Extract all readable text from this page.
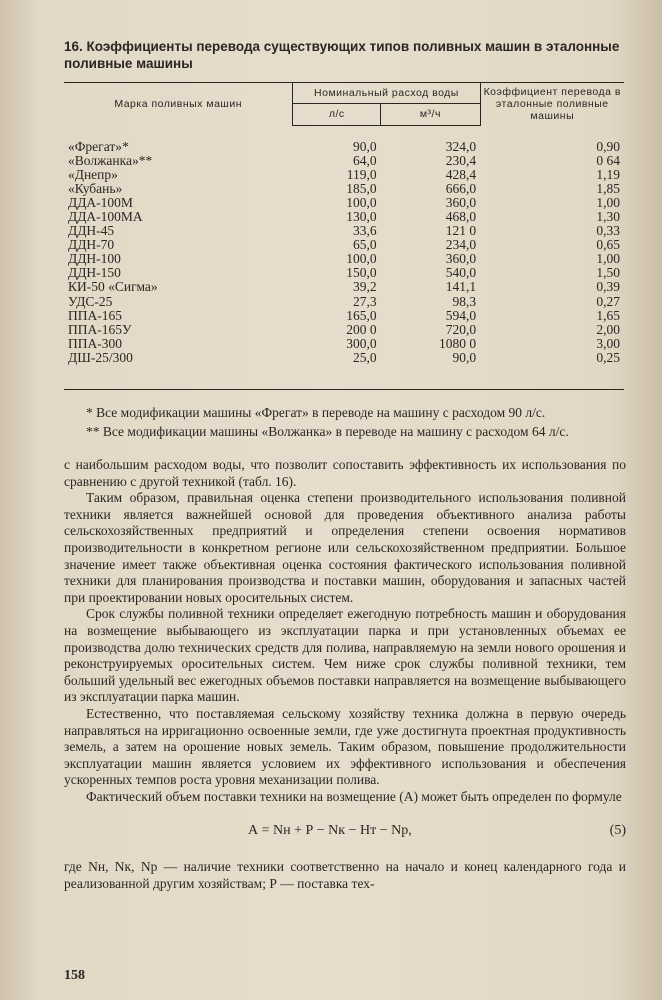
16. Коэффициенты перевода существующих типов поливных машин в эталонные поливные машины
Марка поливных машин	Номинальный расход воды		Коэффициент перевода в эталонные поливные машины
	л/с	м³/ч	

«Фрегат»*	90,0	324,0	0,90
«Волжанка»**	64,0	230,4	0 64
«Днепр»	119,0	428,4	1,19
«Кубань»	185,0	666,0	1,85
ДДА-100М	100,0	360,0	1,00
ДДА-100МА	130,0	468,0	1,30
ДДН-45	33,6	121 0	0,33
ДДН-70	65,0	234,0	0,65
ДДН-100	100,0	360,0	1,00
ДДН-150	150,0	540,0	1,50
КИ-50 «Сигма»	39,2	141,1	0,39
УДС-25	27,3	98,3	0,27
ППА-165	165,0	594,0	1,65
ППА-165У	200 0	720,0	2,00
ППА-300	300,0	1080 0	3,00
ДШ-25/300	25,0	90,0	0,25

* Все модификации машины «Фрегат» в переводе на машину с расходом 90 л/с.

** Все модификации машины «Волжанка» в переводе на машину с расходом 64 л/с.

с наибольшим расходом воды, что позволит сопоставить эффективность их использования по сравнению с другой техникой (табл. 16).

Таким образом, правильная оценка степени производительного использования поливной техники является важнейшей основой для проведения объективного анализа работы сельскохозяйственных предприятий и определения степени освоения нормативов производительности в конкретном регионе или сельскохозяйственном предприятии. Большое значение имеет также объективная оценка состояния фактического использования поливной техники для планирования производства и поставки машин, оборудования и запасных частей при проектировании новых оросительных систем.

Срок службы поливной техники определяет ежегодную потребность машин и оборудования на возмещение выбывающего из эксплуатации парка и при установленных объемах ее производства долю технических средств для полива, направляемую на земли нового орошения и реконструируемых оросительных систем. Чем ниже срок службы поливной техники, тем больший удельный вес ежегодных объемов поставки направляется на возмещение выбывающего из эксплуатации парка машин.

Естественно, что поставляемая сельскому хозяйству техника должна в первую очередь направляться на ирригационно освоенные земли, где уже достигнута проектная продуктивность земель, а затем на орошение новых земель. Таким образом, повышение продолжительности эксплуатации машин является условием их эффективного использования и обеспечения ускоренных темпов роста уровня механизации полива.

Фактический объем поставки техники на возмещение (А) может быть определен по формуле

А = Nн + Р − Nк − Нт − Nр,	(5)

где Nн, Nк, Nр — наличие техники соответственно на начало и конец календарного года и реализованной другим хозяйствам; Р — поставка тех-

158
